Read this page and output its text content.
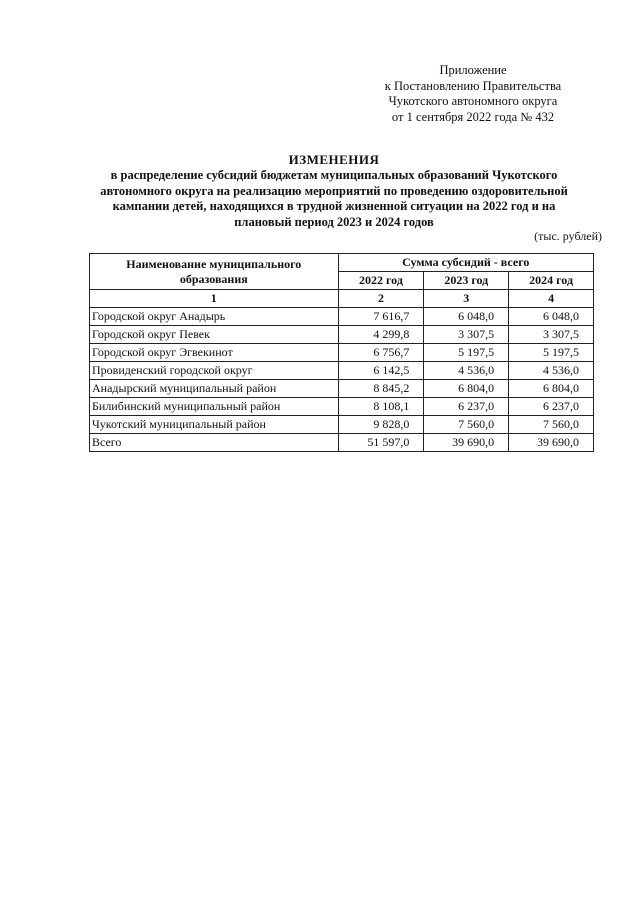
Приложение
к Постановлению Правительства
Чукотского автономного округа
от 1 сентября 2022 года № 432
ИЗМЕНЕНИЯ
в распределение субсидий бюджетам муниципальных образований Чукотского
автономного округа на реализацию мероприятий по проведению оздоровительной
кампании детей, находящихся в трудной жизненной ситуации на 2022 год и на
плановый период 2023 и 2024 годов
(тыс. рублей)
Наименование муниципального образования	Сумма субсидий - всего		
	2022 год	2023 год	2024 год
1	2	3	4
Городской округ Анадырь	7 616,7	6 048,0	6 048,0
Городской округ Певек	4 299,8	3 307,5	3 307,5
Городской округ Эгвекинот	6 756,7	5 197,5	5 197,5
Провиденский городской округ	6 142,5	4 536,0	4 536,0
Анадырский муниципальный район	8 845,2	6 804,0	6 804,0
Билибинский муниципальный район	8 108,1	6 237,0	6 237,0
Чукотский муниципальный район	9 828,0	7 560,0	7 560,0
Всего	51 597,0	39 690,0	39 690,0
